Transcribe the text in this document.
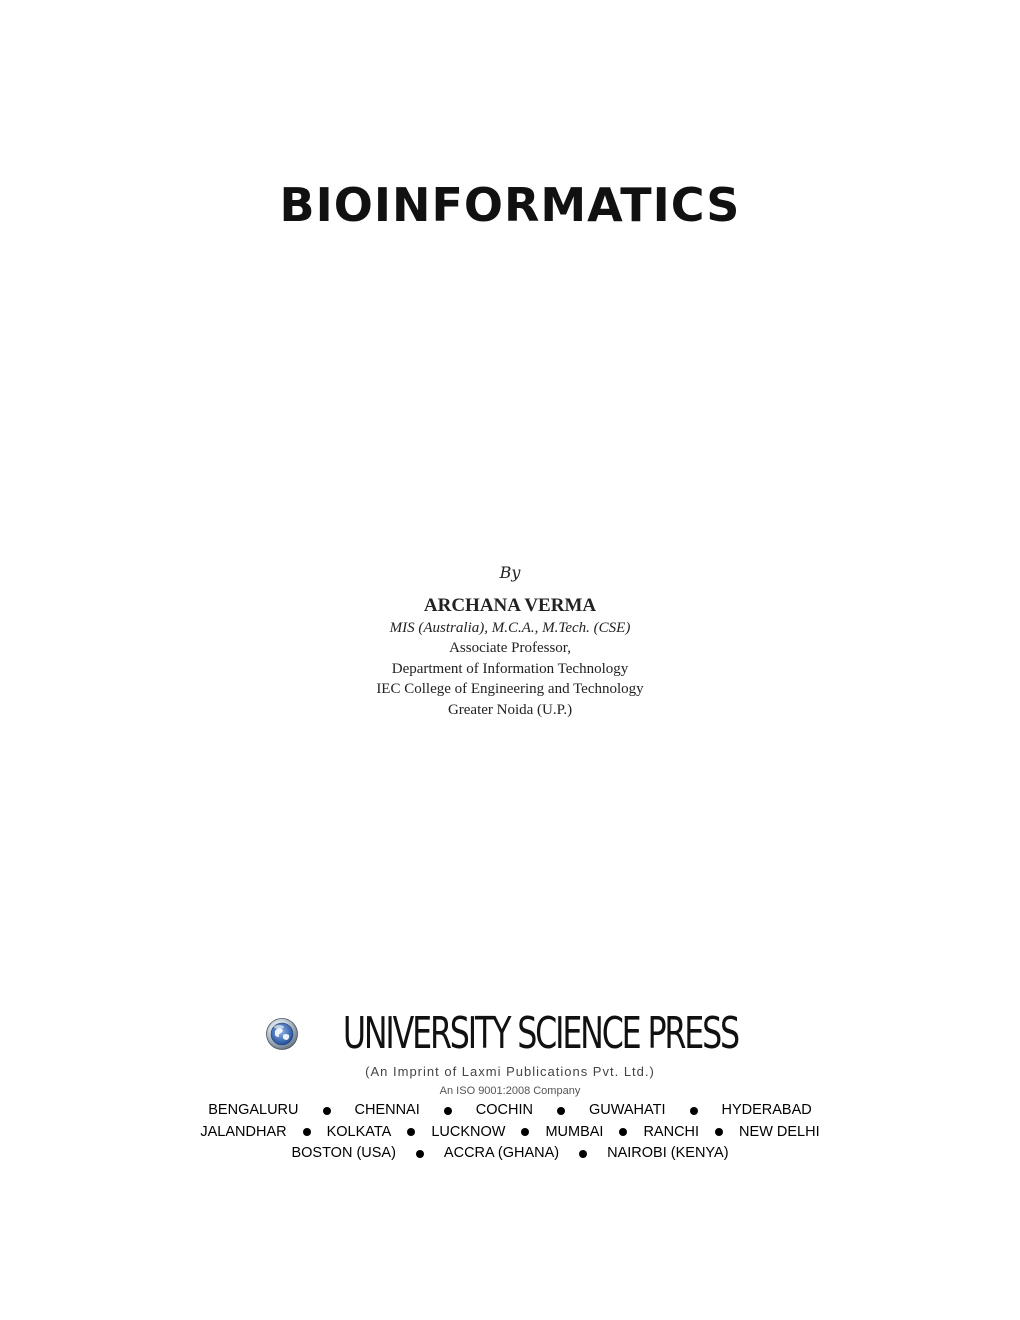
BIOINFORMATICS
By
ARCHANA VERMA
MIS (Australia), M.C.A., M.Tech. (CSE)
Associate Professor,
Department of Information Technology
IEC College of Engineering and Technology
Greater Noida (U.P.)
UNIVERSITY SCIENCE PRESS
(An Imprint of Laxmi Publications Pvt. Ltd.)
An ISO 9001:2008 Company
BENGALURU	CHENNAI	COCHIN	GUWAHATI	HYDERABAD
JALANDHAR	KOLKATA	LUCKNOW	MUMBAI	RANCHI	NEW DELHI
BOSTON (USA)	ACCRA (GHANA)	NAIROBI (KENYA)
